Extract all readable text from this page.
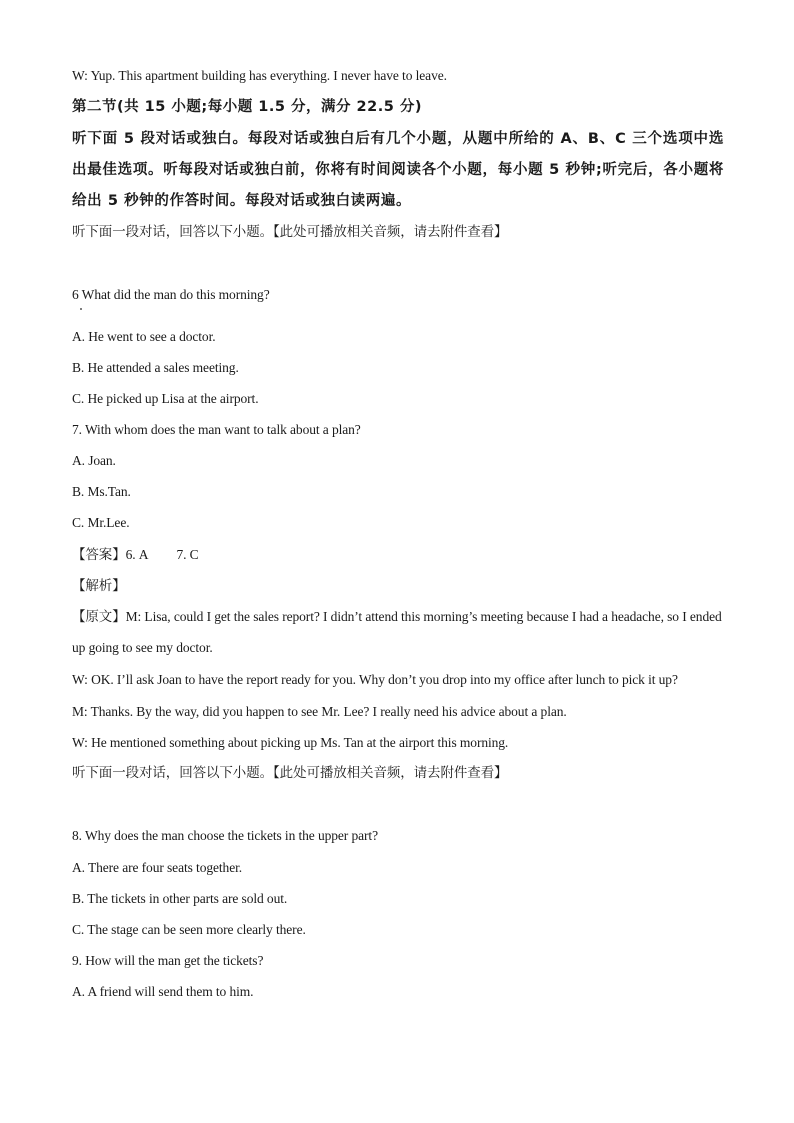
W: Yup. This apartment building has everything. I never have to leave.
第二节(共 15 小题;每小题 1.5 分，满分 22.5 分)
听下面 5 段对话或独白。每段对话或独白后有几个小题，从题中所给的 A、B、C 三个选项中选出最佳选项。听每段对话或独白前，你将有时间阅读各个小题，每小题 5 秒钟;听完后，各小题将给出 5 秒钟的作答时间。每段对话或独白读两遍。
听下面一段对话，回答以下小题。【此处可播放相关音频，请去附件查看】
6 What did the man do this morning?
A. He went to see a doctor.
B. He attended a sales meeting.
C. He picked up Lisa at the airport.
7. With whom does the man want to talk about a plan?
A. Joan.
B. Ms.Tan.
C. Mr.Lee.
【答案】6. A 7. C
【解析】
【原文】M: Lisa, could I get the sales report? I didn’t attend this morning’s meeting because I had a headache, so I ended up going to see my doctor.
W: OK. I’ll ask Joan to have the report ready for you. Why don’t you drop into my office after lunch to pick it up?
M: Thanks. By the way, did you happen to see Mr. Lee? I really need his advice about a plan.
W: He mentioned something about picking up Ms. Tan at the airport this morning.
听下面一段对话，回答以下小题。【此处可播放相关音频，请去附件查看】
8. Why does the man choose the tickets in the upper part?
A. There are four seats together.
B. The tickets in other parts are sold out.
C. The stage can be seen more clearly there.
9. How will the man get the tickets?
A. A friend will send them to him.
